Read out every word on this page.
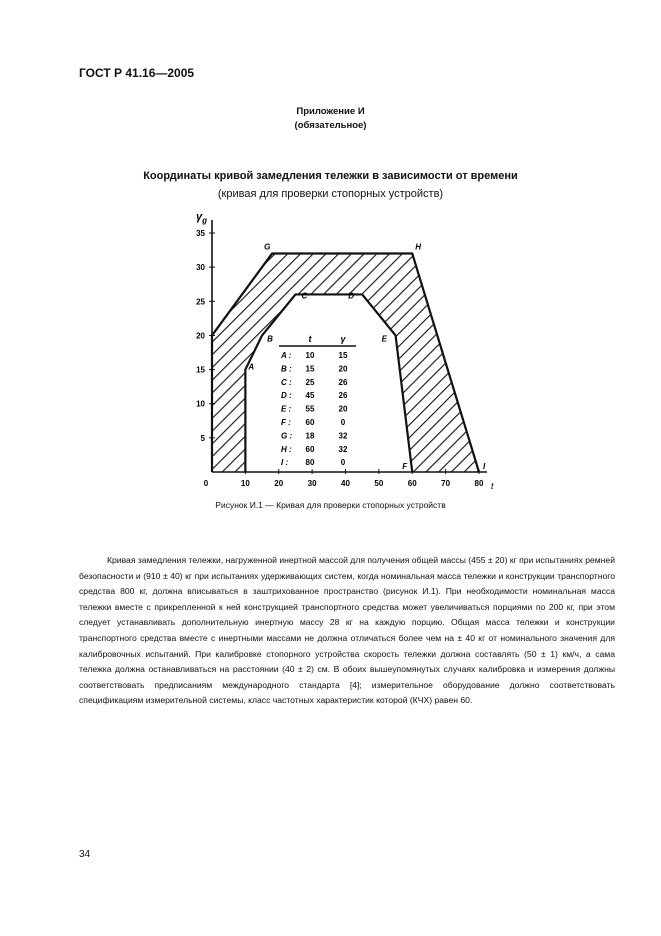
ГОСТ Р 41.16—2005
Приложение И
(обязательное)
Координаты кривой замедления тележки в зависимости от времени
(кривая для проверки стопорных устройств)
t
$\gamma_g$
0	10	20	30	40	50	60	70	80
5
10
15
20
25
30
35
A
B
C	D
E
F
G	H
I
t	γ
A : 10	15
B : 15	20
C : 25	26
D : 45	26
E : 55	20
F : 60	0
G : 18	32
H : 60	32
I : 80	0
Рисунок И.1 — Кривая для проверки стопорных устройств

Кривая замедления тележки, нагруженной инертной массой для получения общей массы (455 ± 20) кг при испытаниях ремней безопасности и (910 ± 40) кг при испытаниях удерживающих систем, когда номинальная масса тележки и конструкции транспортного средства 800 кг, должна вписываться в заштрихованное пространство (рисунок И.1). При необходимости номинальная масса тележки вместе с прикрепленной к ней конструкцией транспортного средства может увеличиваться порциями по 200 кг, при этом следует устанавливать дополнительную инертную массу 28 кг на каждую порцию. Общая масса тележки и конструкции транспортного средства вместе с инертными массами не должна отличаться более чем на ± 40 кг от номинального значения для калибровочных испытаний. При калибровке стопорного устройства скорость тележки должна составлять (50 ± 1) км/ч, а сама тележка должна останавливаться на расстоянии (40 ± 2) см. В обоих вышеупомянутых случаях калибровка и измерения должны соответствовать предписаниям международного стандарта [4]; измерительное оборудование должно соответствовать спецификациям измерительной системы, класс частотных характеристик которой (КЧХ) равен 60.

34
